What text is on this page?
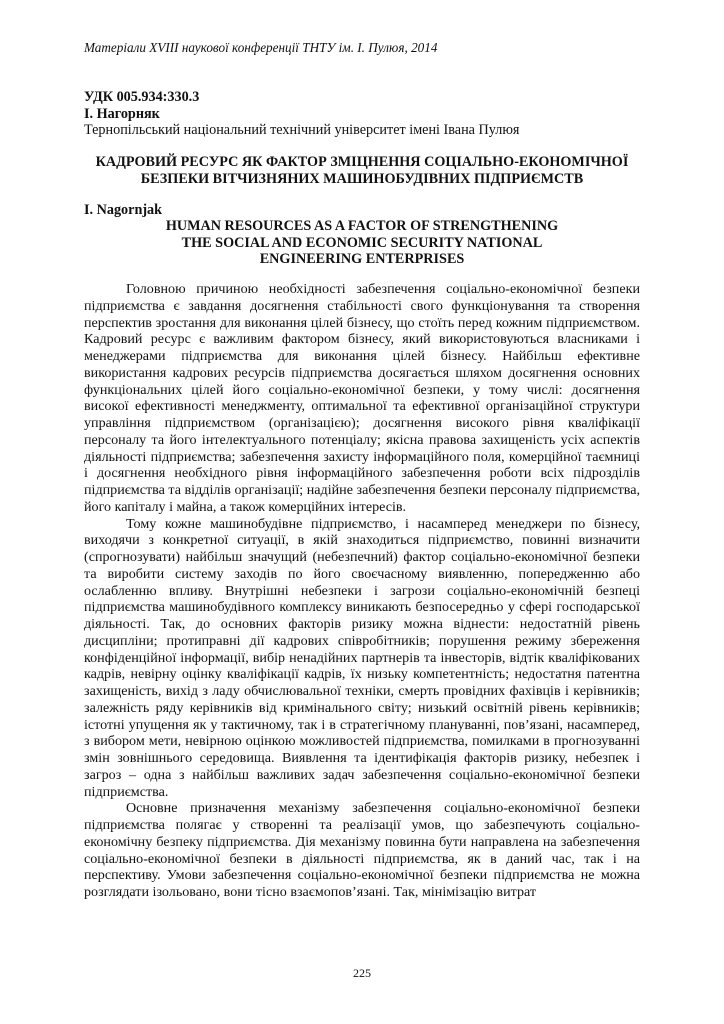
Матеріали XVIII наукової конференції ТНТУ ім. І. Пулюя, 2014
УДК 005.934:330.3
І. Нагорняк
Тернопільський національний технічний університет імені Івана Пулюя
КАДРОВИЙ РЕСУРС ЯК ФАКТОР ЗМІЦНЕННЯ СОЦІАЛЬНО-ЕКОНОМІЧНОЇ
БЕЗПЕКИ ВІТЧИЗНЯНИХ МАШИНОБУДІВНИХ ПІДПРИЄМСТВ
I. Nagornjak
HUMAN RESOURCES AS A FACTOR OF STRENGTHENING
THE SOCIAL AND ECONOMIC SECURITY NATIONAL
ENGINEERING ENTERPRISES

Головною причиною необхідності забезпечення соціально-економічної безпеки підприємства є завдання досягнення стабільності свого функціонування та створення перспектив зростання для виконання цілей бізнесу, що стоїть перед кожним підприємством. Кадровий ресурс є важливим фактором бізнесу, який використовуються власниками і менеджерами підприємства для виконання цілей бізнесу. Найбільш ефективне використання кадрових ресурсів підприємства досягається шляхом досягнення основних функціональних цілей його соціально-економічної безпеки, у тому числі: досягнення високої ефективності менеджменту, оптимальної та ефективної організаційної структури управління підприємством (організацією); досягнення високого рівня кваліфікації персоналу та його інтелектуального потенціалу; якісна правова захищеність усіх аспектів діяльності підприємства; забезпечення захисту інформаційного поля, комерційної таємниці і досягнення необхідного рівня інформаційного забезпечення роботи всіх підрозділів підприємства та відділів організації; надійне забезпечення безпеки персоналу підприємства, його капіталу і майна, а також комерційних інтересів.

Тому кожне машинобудівне підприємство, і насамперед менеджери по бізнесу, виходячи з конкретної ситуації, в якій знаходиться підприємство, повинні визначити (спрогнозувати) найбільш значущий (небезпечний) фактор соціально-економічної безпеки та виробити систему заходів по його своєчасному виявленню, попередженню або ослабленню впливу. Внутрішні небезпеки і загрози соціально-економічній безпеці підприємства машинобудівного комплексу виникають безпосередньо у сфері господарської діяльності. Так, до основних факторів ризику можна віднести: недостатній рівень дисципліни; протиправні дії кадрових співробітників; порушення режиму збереження конфіденційної інформації, вибір ненадійних партнерів та інвесторів, відтік кваліфікованих кадрів, невірну оцінку кваліфікації кадрів, їх низьку компетентність; недостатня патентна захищеність, вихід з ладу обчислювальної техніки, смерть провідних фахівців і керівників; залежність ряду керівників від кримінального світу; низький освітній рівень керівників; істотні упущення як у тактичному, так і в стратегічному плануванні, пов’язані, насамперед, з вибором мети, невірною оцінкою можливостей підприємства, помилками в прогнозуванні змін зовнішнього середовища. Виявлення та ідентифікація факторів ризику, небезпек і загроз – одна з найбільш важливих задач забезпечення соціально-економічної безпеки підприємства.

Основне призначення механізму забезпечення соціально-економічної безпеки підприємства полягає у створенні та реалізації умов, що забезпечують соціально-економічну безпеку підприємства. Дія механізму повинна бути направлена на забезпечення соціально-економічної безпеки в діяльності підприємства, як в даний час, так і на перспективу. Умови забезпечення соціально-економічної безпеки підприємства не можна розглядати ізольовано, вони тісно взаємопов’язані. Так, мінімізацію витрат

225
